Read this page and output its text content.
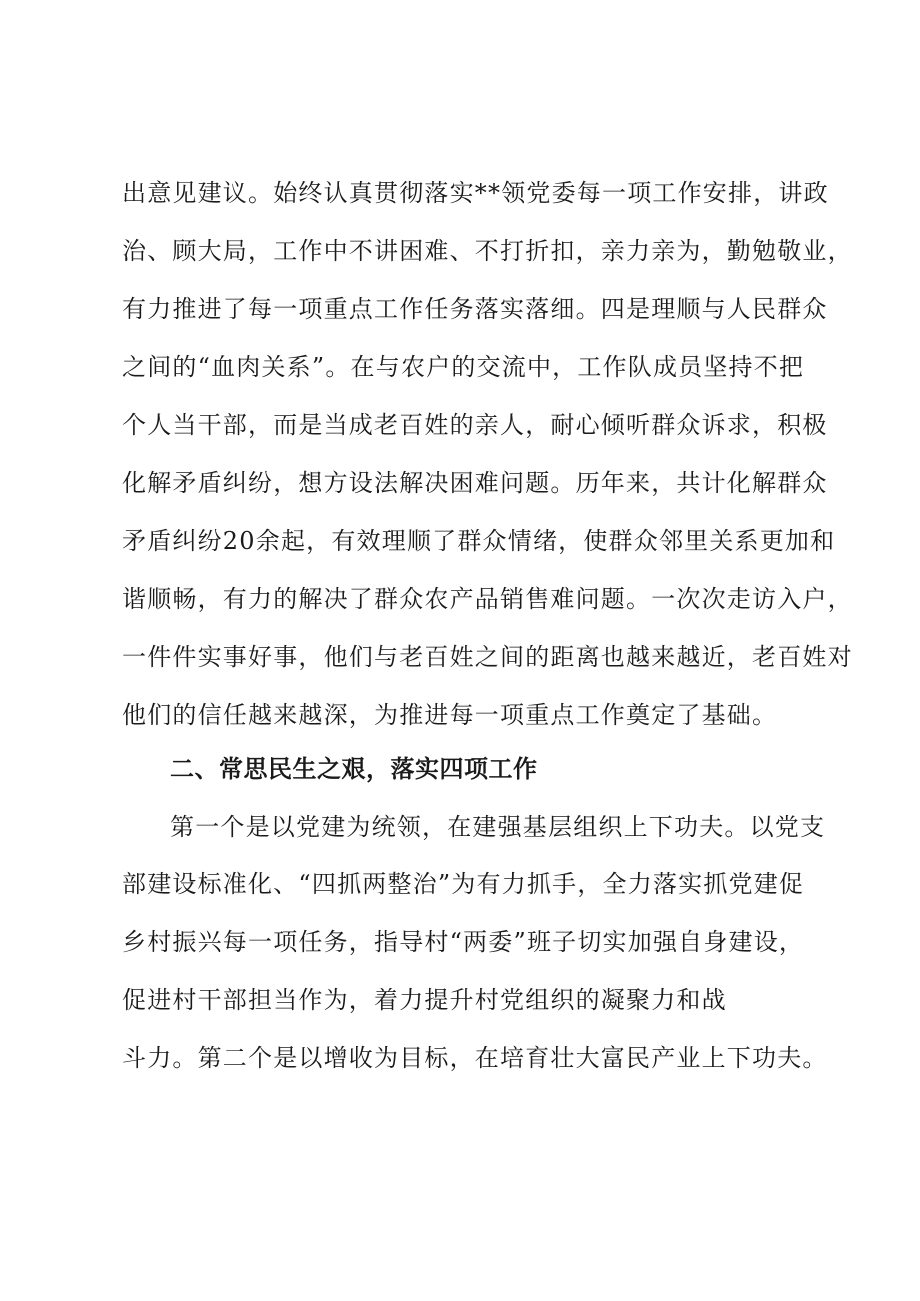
出意见建议。始终认真贯彻落实**领党委每一项工作安排，讲政
治、顾大局，工作中不讲困难、不打折扣，亲力亲为，勤勉敬业，
有力推进了每一项重点工作任务落实落细。四是理顺与人民群众
之间的“血肉关系”。在与农户的交流中，工作队成员坚持不把
个人当干部，而是当成老百姓的亲人，耐心倾听群众诉求，积极
化解矛盾纠纷，想方设法解决困难问题。历年来，共计化解群众
矛盾纠纷20余起，有效理顺了群众情绪，使群众邻里关系更加和
谐顺畅，有力的解决了群众农产品销售难问题。一次次走访入户，
一件件实事好事，他们与老百姓之间的距离也越来越近，老百姓对
他们的信任越来越深，为推进每一项重点工作奠定了基础。
二、常思民生之艰，落实四项工作
第一个是以党建为统领，在建强基层组织上下功夫。以党支
部建设标准化、“四抓两整治”为有力抓手，全力落实抓党建促
乡村振兴每一项任务，指导村“两委”班子切实加强自身建设，
促进村干部担当作为，着力提升村党组织的凝聚力和战
斗力。第二个是以增收为目标，在培育壮大富民产业上下功夫。
